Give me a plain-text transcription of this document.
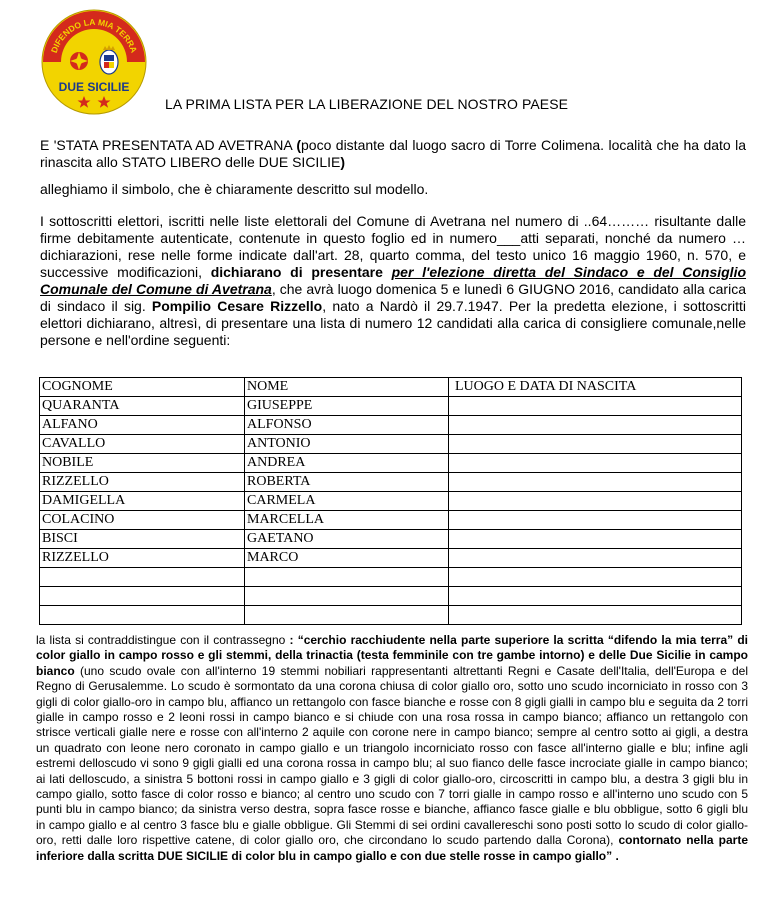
DIFENDO LA MIA TERRA
DUE SICILIE
LA PRIMA LISTA PER LA LIBERAZIONE DEL NOSTRO PAESE

E 'STATA PRESENTATA AD AVETRANA (poco distante dal luogo sacro di Torre Colimena. località che ha dato la rinascita allo STATO LIBERO delle DUE SICILIE)

alleghiamo il simbolo, che è chiaramente descritto sul modello.

I sottoscritti elettori, iscritti nelle liste elettorali del Comune di Avetrana nel numero di ..64……… risultante dalle firme debitamente autenticate, contenute in questo foglio ed in numero___atti separati, nonché da numero …dichiarazioni, rese nelle forme indicate dall'art. 28, quarto comma, del testo unico 16 maggio 1960, n. 570, e successive modificazioni, dichiarano di presentare per l'elezione diretta del Sindaco e del Consiglio Comunale del Comune di Avetrana, che avrà luogo domenica 5 e lunedì 6 GIUGNO 2016, candidato alla carica di sindaco il sig. Pompilio Cesare Rizzello, nato a Nardò il 29.7.1947. Per la predetta elezione, i sottoscritti elettori dichiarano, altresì, di presentare una lista di numero 12 candidati alla carica di consigliere comunale,nelle persone e nell'ordine seguenti:

COGNOME	NOME	LUOGO E DATA DI NASCITA
QUARANTA	GIUSEPPE	
ALFANO	ALFONSO	
CAVALLO	ANTONIO	
NOBILE	ANDREA	
RIZZELLO	ROBERTA	
DAMIGELLA	CARMELA	
COLACINO	MARCELLA	
BISCI	GAETANO	
RIZZELLO	MARCO	

la lista si contraddistingue con il contrassegno : “cerchio racchiudente nella parte superiore la scritta “difendo la mia terra” di color giallo in campo rosso e gli stemmi, della trinactia (testa femminile con tre gambe intorno) e delle Due Sicilie in campo bianco (uno scudo ovale con all'interno 19 stemmi nobiliari rappresentanti altrettanti Regni e Casate dell'Italia, dell'Europa e del Regno di Gerusalemme. Lo scudo è sormontato da una corona chiusa di color giallo oro, sotto uno scudo incorniciato in rosso con 3 gigli di color giallo-oro in campo blu, affianco un rettangolo con fasce bianche e rosse con 8 gigli gialli in campo blu e seguita da 2 torri gialle in campo rosso e 2 leoni rossi in campo bianco e si chiude con una rosa rossa in campo bianco; affianco un rettangolo con strisce verticali gialle nere e rosse con all'interno 2 aquile con corone nere in campo bianco; sempre al centro sotto ai gigli, a destra un quadrato con leone nero coronato in campo giallo e un triangolo incorniciato rosso con fasce all'interno gialle e blu; infine agli estremi delloscudo vi sono 9 gigli gialli ed una corona rossa in campo blu; al suo fianco delle fasce incrociate gialle in campo bianco; ai lati delloscudo, a sinistra 5 bottoni rossi in campo giallo e 3 gigli di color giallo-oro, circoscritti in campo blu, a destra 3 gigli blu in campo giallo, sotto fasce di color rosso e bianco; al centro uno scudo con 7 torri gialle in campo rosso e all'interno uno scudo con 5 punti blu in campo bianco; da sinistra verso destra, sopra fasce rosse e bianche, affianco fasce gialle e blu obbligue, sotto 6 gigli blu in campo giallo e al centro 3 fasce blu e gialle obbligue. Gli Stemmi di sei ordini cavallereschi sono posti sotto lo scudo di color giallo-oro, retti dalle loro rispettive catene, di color giallo oro, che circondano lo scudo partendo dalla Corona), contornato nella parte inferiore dalla scritta DUE SICILIE di color blu in campo giallo e con due stelle rosse in campo giallo” .
